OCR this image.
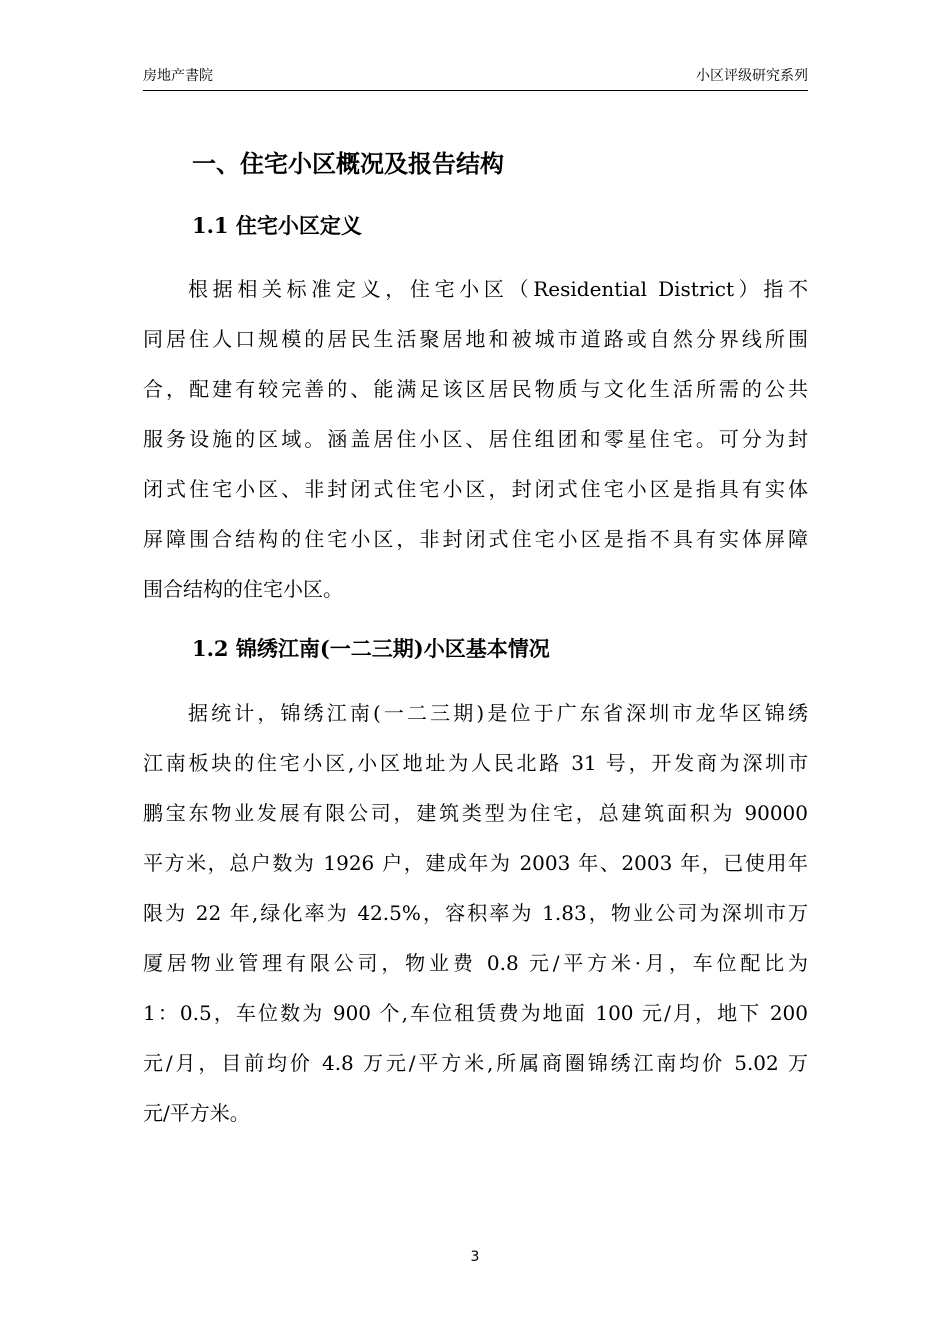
房地产書院	小区评级研究系列
一、住宅小区概况及报告结构
1.1 住宅小区定义
根据相关标准定义，住宅小区（Residential District）指不
同居住人口规模的居民生活聚居地和被城市道路或自然分界线所围
合，配建有较完善的、能满足该区居民物质与文化生活所需的公共
服务设施的区域。涵盖居住小区、居住组团和零星住宅。可分为封
闭式住宅小区、非封闭式住宅小区，封闭式住宅小区是指具有实体
屏障围合结构的住宅小区，非封闭式住宅小区是指不具有实体屏障
围合结构的住宅小区。
1.2 锦绣江南(一二三期)小区基本情况
据统计，锦绣江南(一二三期)是位于广东省深圳市龙华区锦绣
江南板块的住宅小区,小区地址为人民北路 31 号，开发商为深圳市
鹏宝东物业发展有限公司，建筑类型为住宅，总建筑面积为 90000
平方米，总户数为 1926 户，建成年为 2003 年、2003 年，已使用年
限为 22 年,绿化率为 42.5%，容积率为 1.83，物业公司为深圳市万
厦居物业管理有限公司，物业费 0.8 元/平方米·月，车位配比为
1：0.5，车位数为 900 个,车位租赁费为地面 100 元/月，地下 200
元/月，目前均价 4.8 万元/平方米,所属商圈锦绣江南均价 5.02 万
元/平方米。
3
